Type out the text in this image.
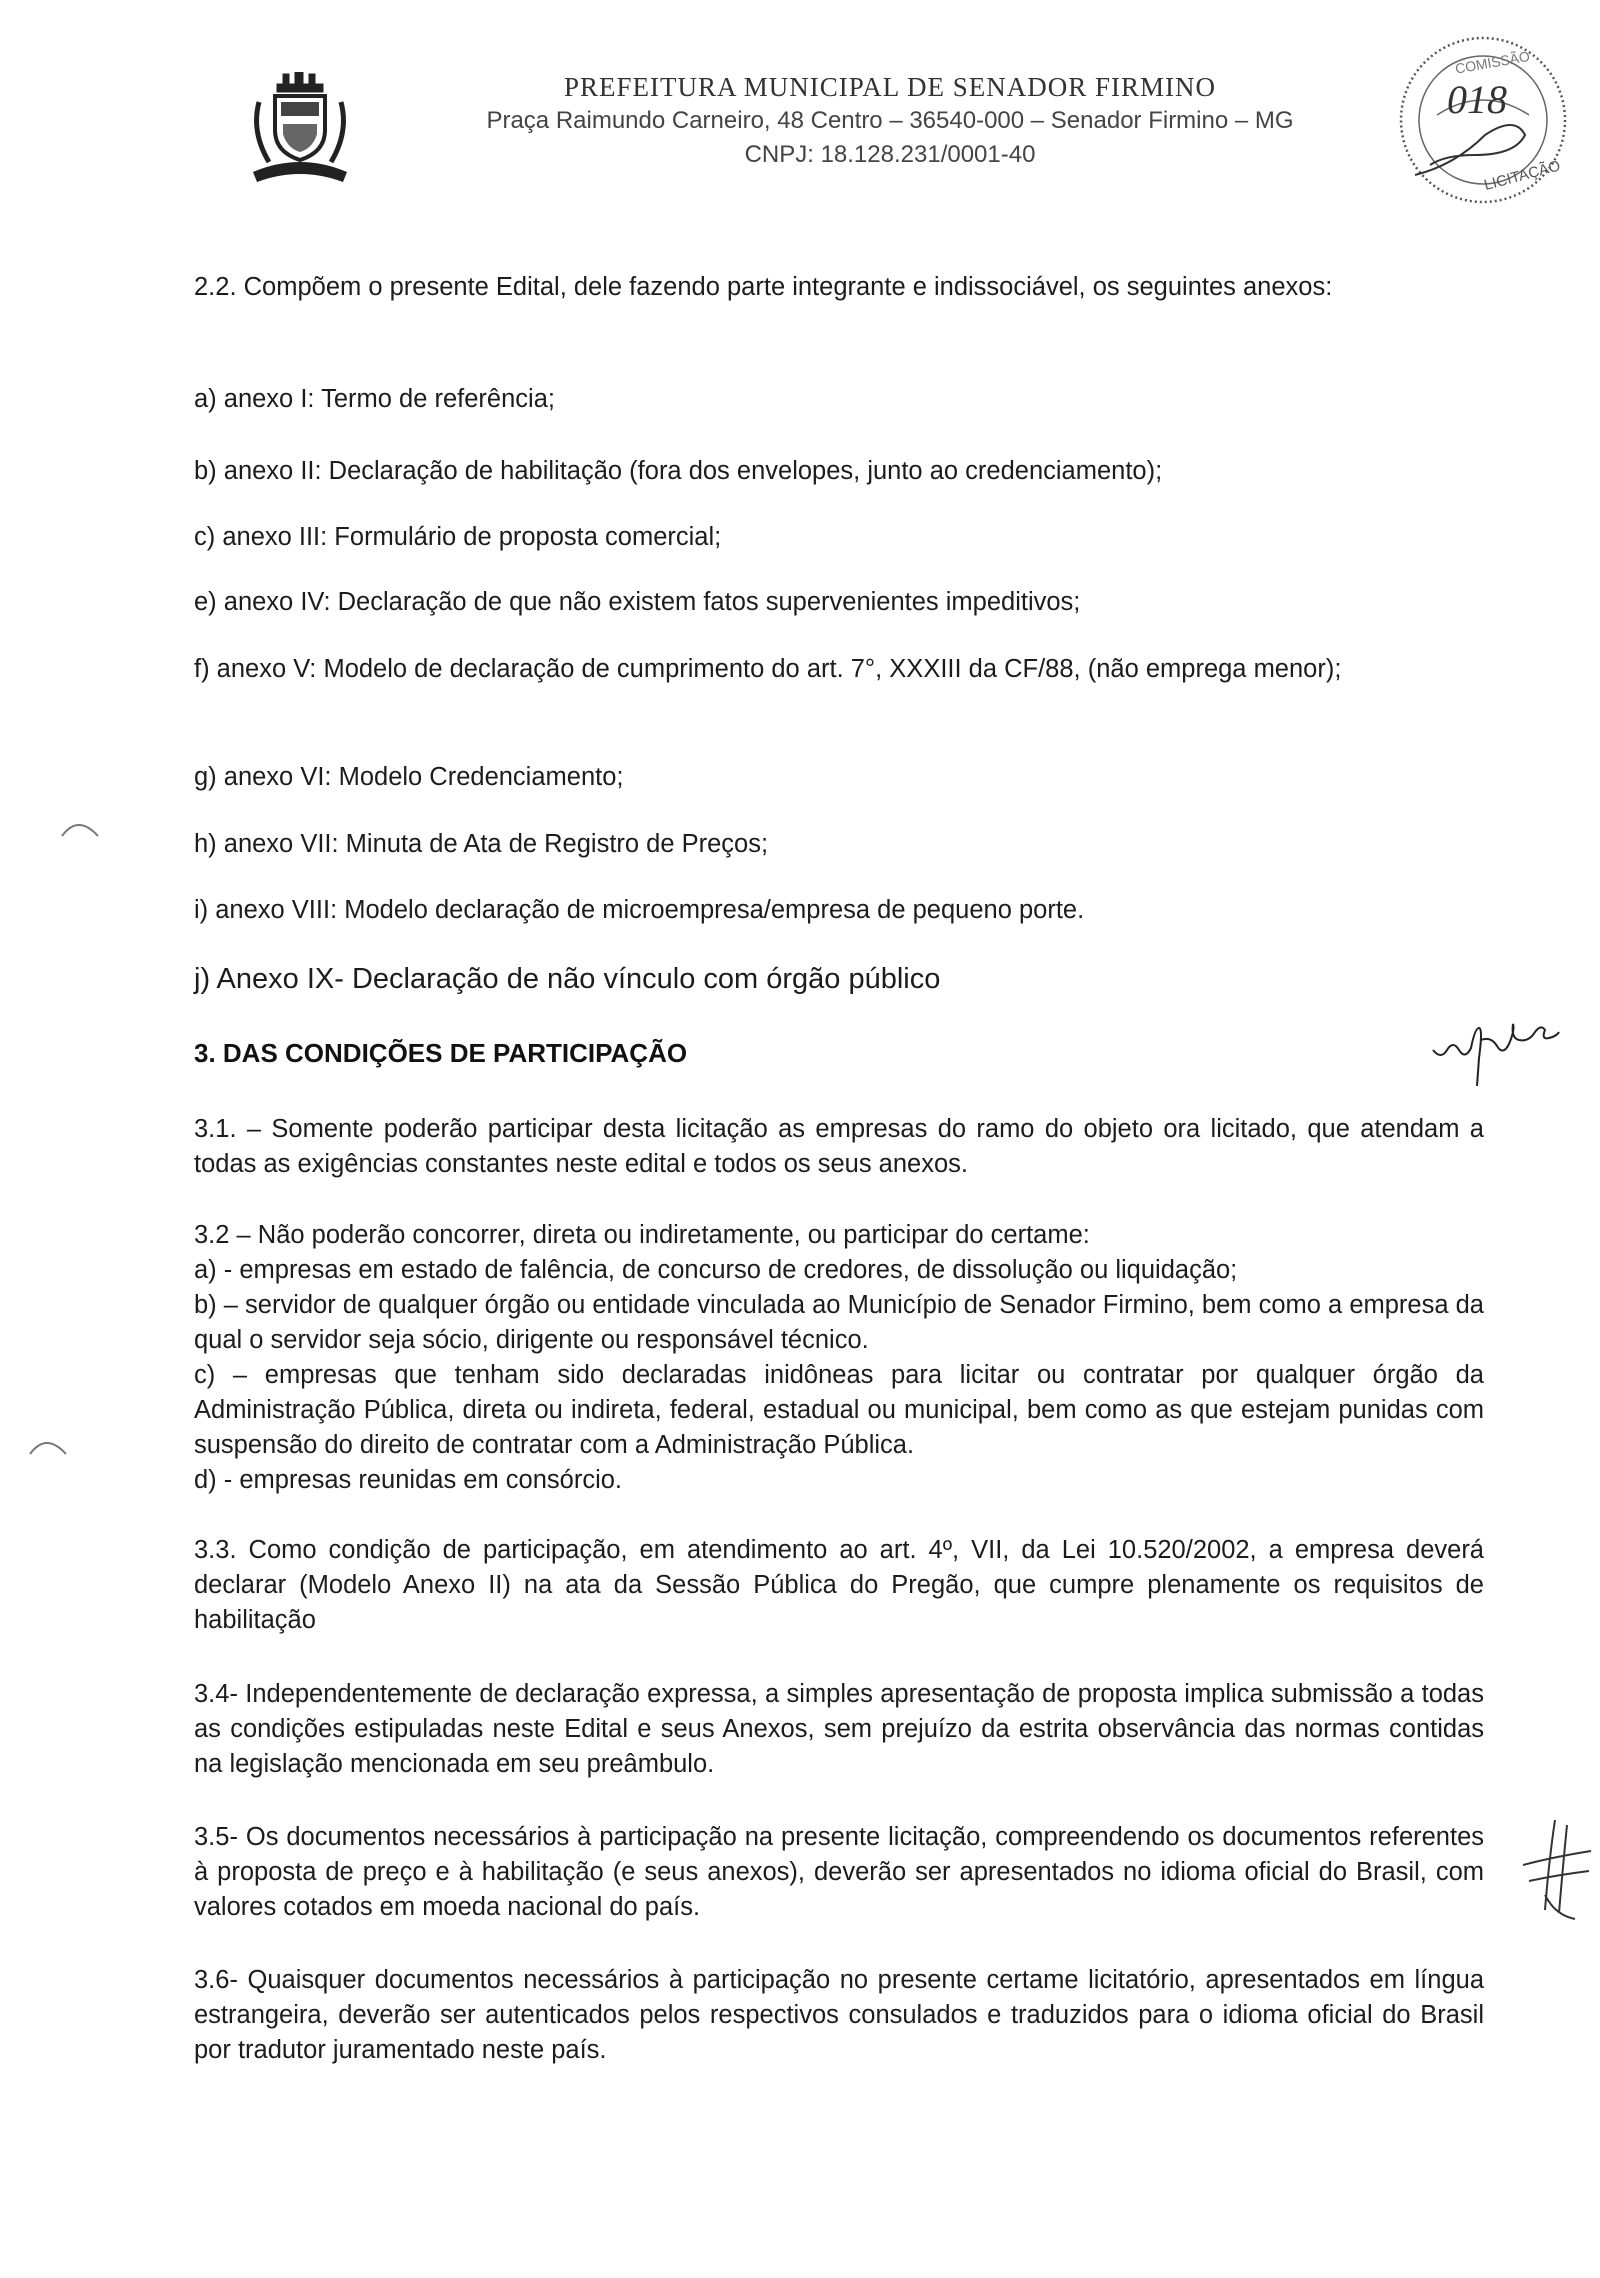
PREFEITURA MUNICIPAL DE SENADOR FIRMINO
Praça Raimundo Carneiro, 48 Centro – 36540-000 – Senador Firmino – MG
CNPJ: 18.128.231/0001-40
COMISSÃO
018
LICITAÇÃO
2.2. Compõem o presente Edital, dele fazendo parte integrante e indissociável, os seguintes anexos:
a) anexo I: Termo de referência;
b) anexo II: Declaração de habilitação (fora dos envelopes, junto ao credenciamento);
c) anexo III: Formulário de proposta comercial;
e) anexo IV: Declaração de que não existem fatos supervenientes impeditivos;
f) anexo V: Modelo de declaração de cumprimento do art. 7°, XXXIII da CF/88, (não emprega menor);
g) anexo VI: Modelo Credenciamento;
h) anexo VII: Minuta de Ata de Registro de Preços;
i) anexo VIII: Modelo declaração de microempresa/empresa de pequeno porte.
j) Anexo IX- Declaração de não vínculo com órgão público
3. DAS CONDIÇÕES DE PARTICIPAÇÃO
3.1. – Somente poderão participar desta licitação as empresas do ramo do objeto ora licitado, que atendam a todas as exigências constantes neste edital e todos os seus anexos.
3.2 – Não poderão concorrer, direta ou indiretamente, ou participar do certame:
a) - empresas em estado de falência, de concurso de credores, de dissolução ou liquidação;
b) – servidor de qualquer órgão ou entidade vinculada ao Município de Senador Firmino, bem como a empresa da qual o servidor seja sócio, dirigente ou responsável técnico.
c) – empresas que tenham sido declaradas inidôneas para licitar ou contratar por qualquer órgão da Administração Pública, direta ou indireta, federal, estadual ou municipal, bem como as que estejam punidas com suspensão do direito de contratar com a Administração Pública.
d) - empresas reunidas em consórcio.
3.3. Como condição de participação, em atendimento ao art. 4º, VII, da Lei 10.520/2002, a empresa deverá declarar (Modelo Anexo II) na ata da Sessão Pública do Pregão, que cumpre plenamente os requisitos de habilitação
3.4- Independentemente de declaração expressa, a simples apresentação de proposta implica submissão a todas as condições estipuladas neste Edital e seus Anexos, sem prejuízo da estrita observância das normas contidas na legislação mencionada em seu preâmbulo.
3.5- Os documentos necessários à participação na presente licitação, compreendendo os documentos referentes à proposta de preço e à habilitação (e seus anexos), deverão ser apresentados no idioma oficial do Brasil, com valores cotados em moeda nacional do país.
3.6- Quaisquer documentos necessários à participação no presente certame licitatório, apresentados em língua estrangeira, deverão ser autenticados pelos respectivos consulados e traduzidos para o idioma oficial do Brasil por tradutor juramentado neste país.
